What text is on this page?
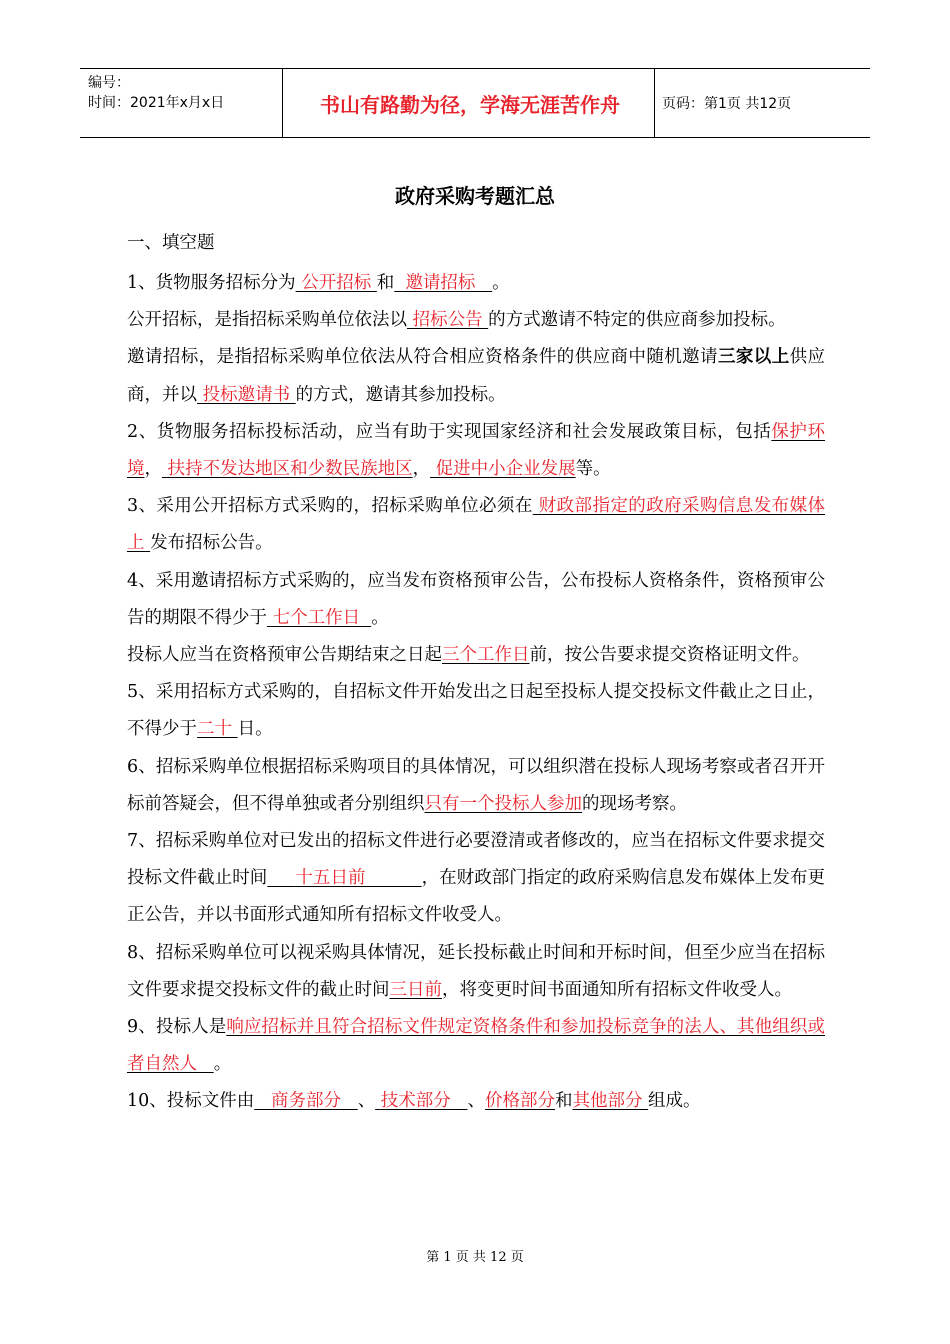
编号：
时间：2021年x月x日	书山有路勤为径，学海无涯苦作舟	页码：第1页 共12页
政府采购考题汇总

一、填空题

1、货物服务招标分为 公开招标 和 邀请招标 。

公开招标，是指招标采购单位依法以 招标公告 的方式邀请不特定的供应商参加投标。

邀请招标，是指招标采购单位依法从符合相应资格条件的供应商中随机邀请三家以上供应商，并以 投标邀请书 的方式，邀请其参加投标。

2、货物服务招标投标活动，应当有助于实现国家经济和社会发展政策目标，包括保护环境， 扶持不发达地区和少数民族地区， 促进中小企业发展等。

3、采用公开招标方式采购的，招标采购单位必须在 财政部指定的政府采购信息发布媒体上 发布招标公告。

4、采用邀请招标方式采购的，应当发布资格预审公告，公布投标人资格条件，资格预审公告的期限不得少于 七个工作日 。

投标人应当在资格预审公告期结束之日起三个工作日前，按公告要求提交资格证明文件。

5、采用招标方式采购的，自招标文件开始发出之日起至投标人提交投标文件截止之日止，不得少于二十 日。

6、招标采购单位根据招标采购项目的具体情况，可以组织潜在投标人现场考察或者召开开标前答疑会，但不得单独或者分别组织只有一个投标人参加的现场考察。

7、招标采购单位对已发出的招标文件进行必要澄清或者修改的，应当在招标文件要求提交投标文件截止时间 十五日前	，在财政部门指定的政府采购信息发布媒体上发布更正公告，并以书面形式通知所有招标文件收受人。

8、招标采购单位可以视采购具体情况，延长投标截止时间和开标时间，但至少应当在招标文件要求提交投标文件的截止时间三日前，将变更时间书面通知所有招标文件收受人。

9、投标人是响应招标并且符合招标文件规定资格条件和参加投标竞争的法人、其他组织或者自然人 。

10、投标文件由 商务部分 、 技术部分 、价格部分和其他部分 组成。

第 1 页 共 12 页
